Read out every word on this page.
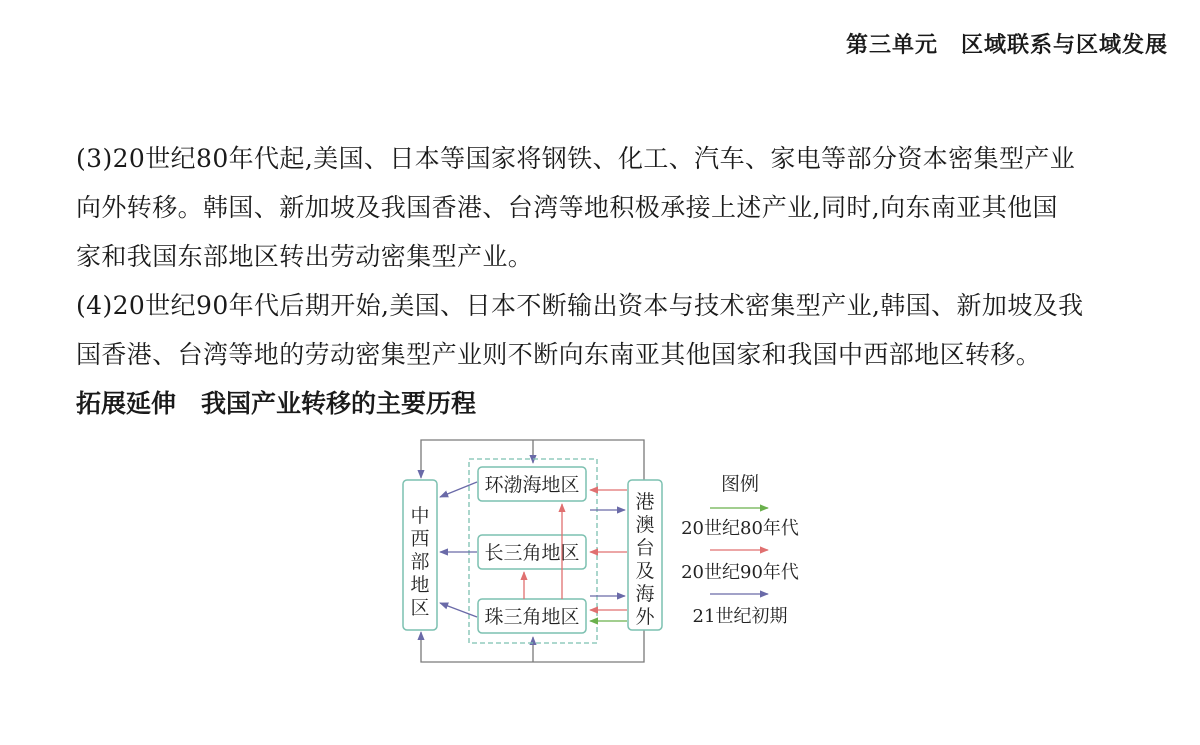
第三单元　区域联系与区域发展
(3)20世纪80年代起,美国、日本等国家将钢铁、化工、汽车、家电等部分资本密集型产业
向外转移。韩国、新加坡及我国香港、台湾等地积极承接上述产业,同时,向东南亚其他国
家和我国东部地区转出劳动密集型产业。
(4)20世纪90年代后期开始,美国、日本不断输出资本与技术密集型产业,韩国、新加坡及我
国香港、台湾等地的劳动密集型产业则不断向东南亚其他国家和我国中西部地区转移。
拓展延伸　我国产业转移的主要历程
中
西
部
地
区
环渤海地区
长三角地区
珠三角地区
港
澳
台
及
海
外
图例
20世纪80年代
20世纪90年代
21世纪初期
